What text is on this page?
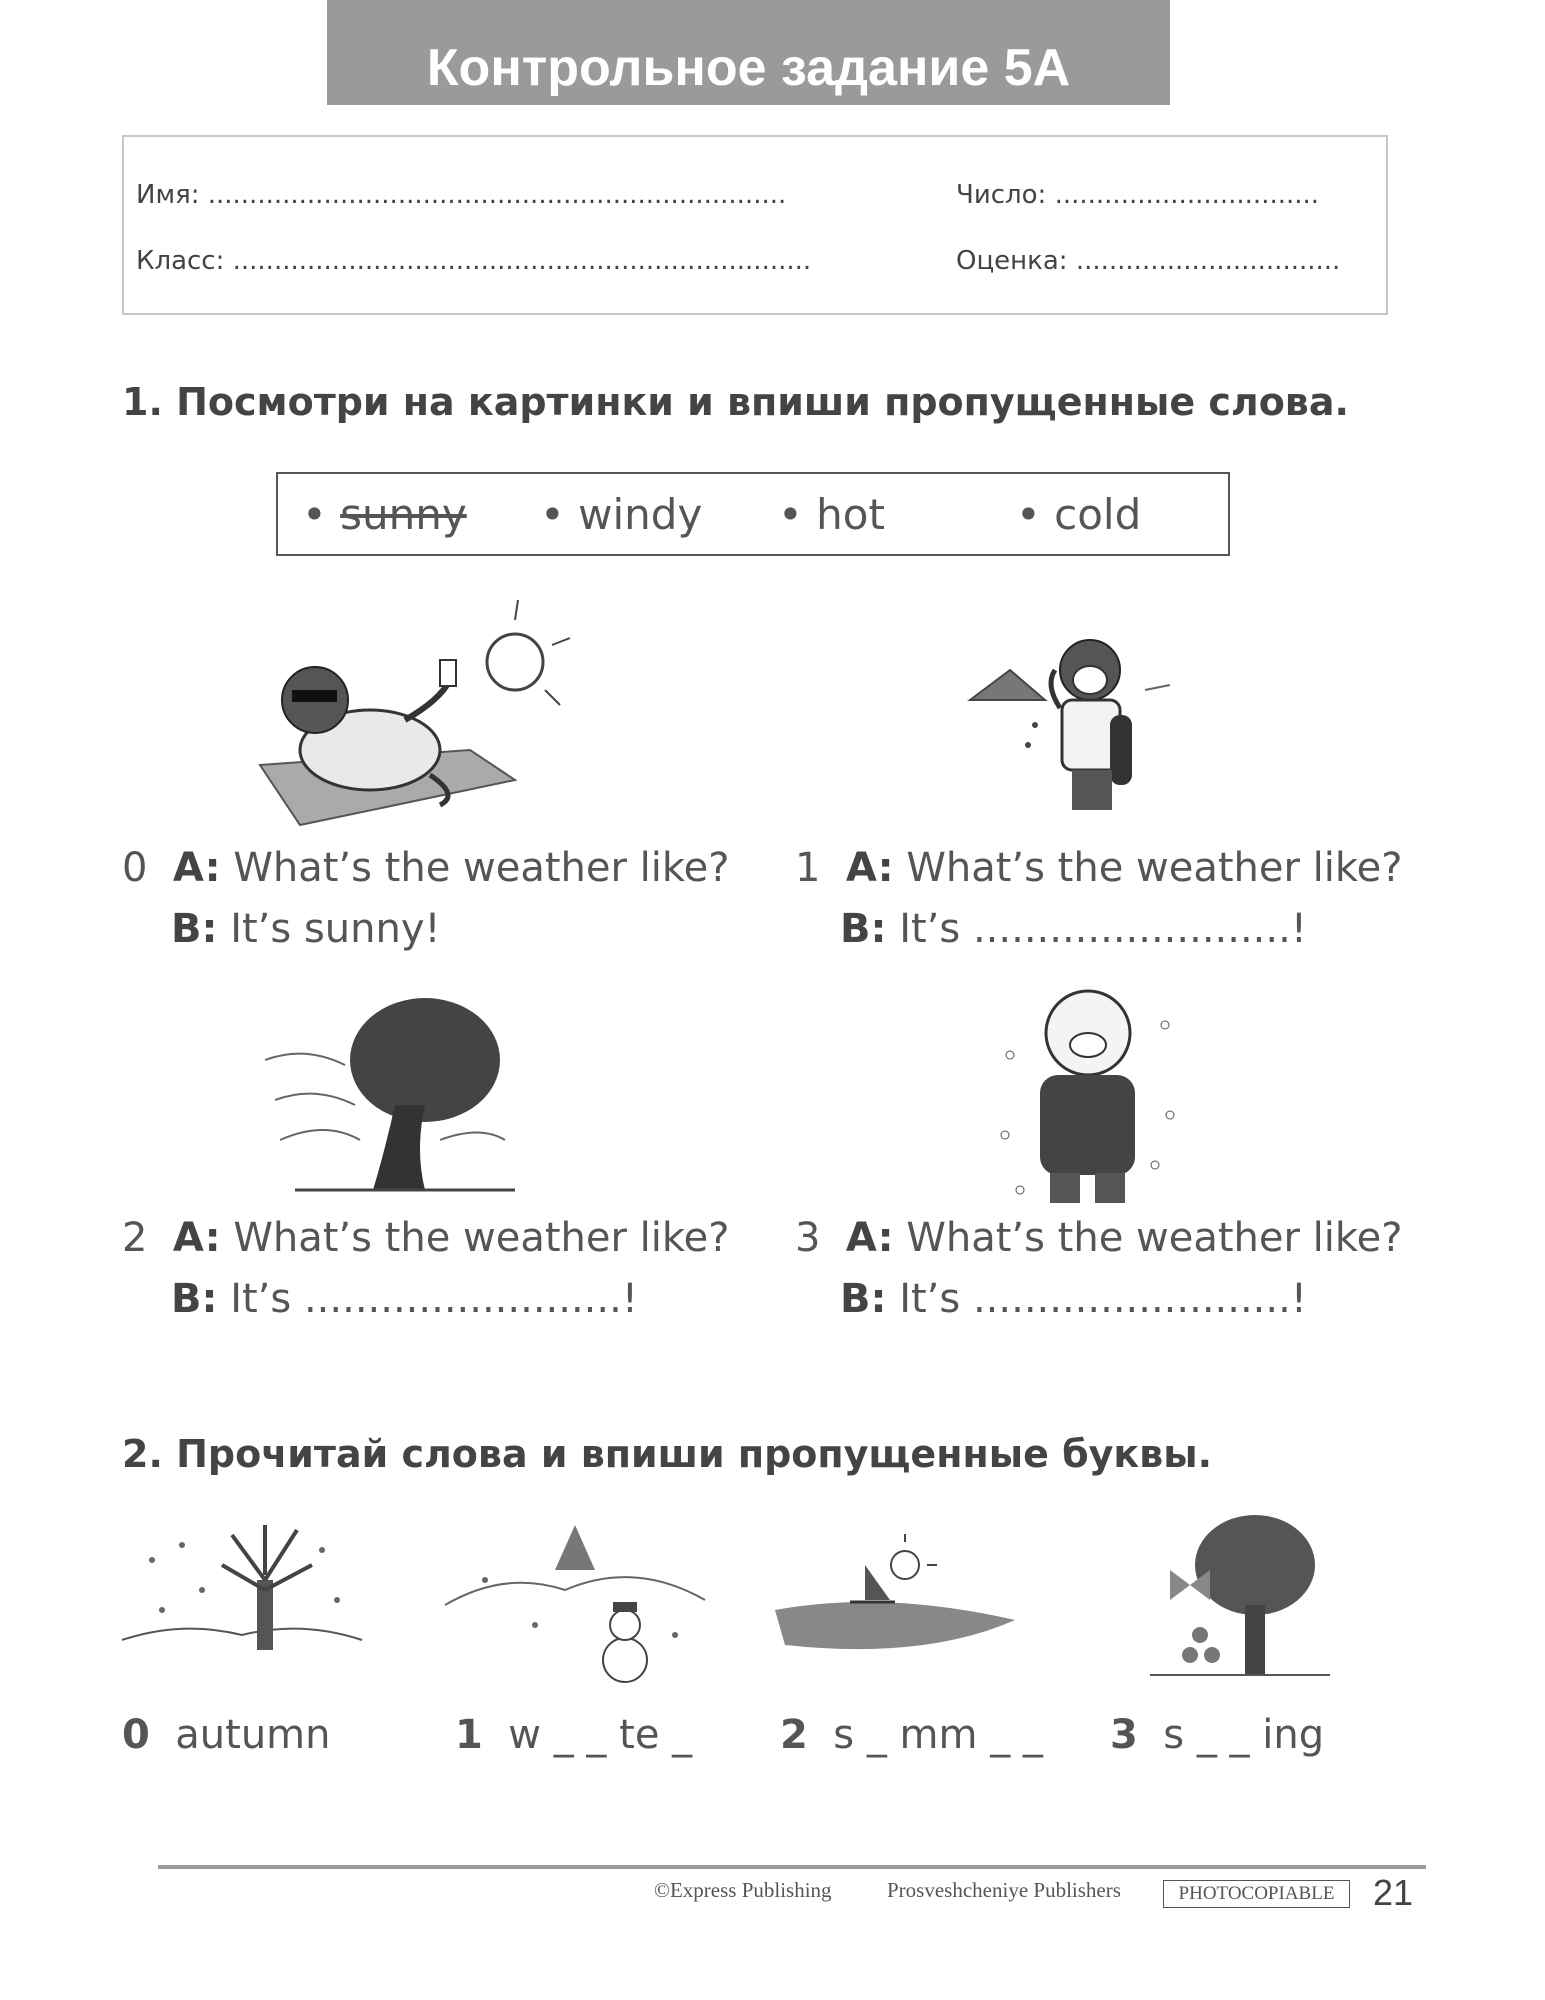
Контрольное задание 5А
Имя: ......................................................................
Класс: ......................................................................
Число: ................................
Оценка: ................................
1. Посмотри на картинки и впиши пропущенные слова.
• sunny • windy • hot	• cold
0 A: What’s the weather like?
B: It’s sunny!
1 A: What’s the weather like?
B: It’s .........................!
2 A: What’s the weather like?
B: It’s .........................!
3 A: What’s the weather like?
B: It’s .........................!
2. Прочитай слова и впиши пропущенные буквы.
0 autumn	1 w _ _ te _ 2 s _ mm _ _ 3 s _ _ ing
©Express Publishing	Prosveshcheniye Publishers	PHOTOCOPIABLE	21
